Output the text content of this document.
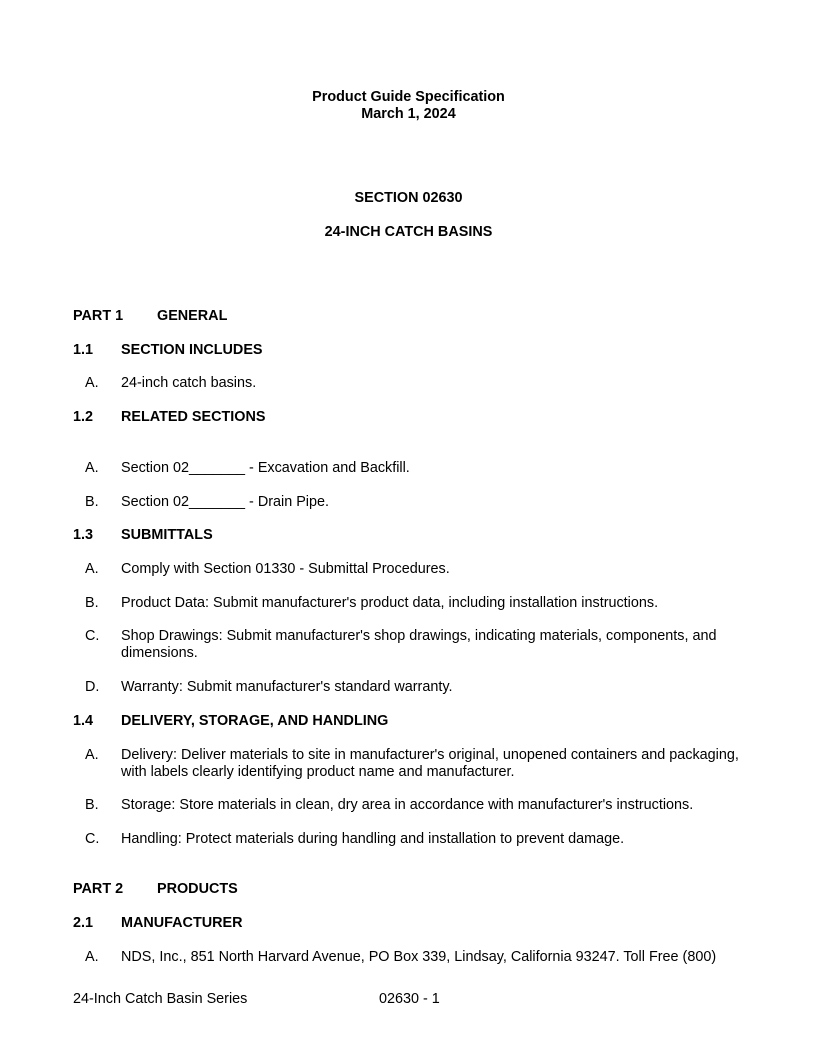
Product Guide Specification
March 1, 2024
SECTION 02630
24-INCH CATCH BASINS
PART 1 GENERAL
1.1 SECTION INCLUDES
A. 24-inch catch basins.
1.2 RELATED SECTIONS
A. Section 02_______ - Excavation and Backfill.
B. Section 02_______ - Drain Pipe.
1.3 SUBMITTALS
A. Comply with Section 01330 - Submittal Procedures.
B. Product Data: Submit manufacturer's product data, including installation instructions.
C. Shop Drawings: Submit manufacturer's shop drawings, indicating materials, components, and dimensions.
D. Warranty: Submit manufacturer's standard warranty.
1.4 DELIVERY, STORAGE, AND HANDLING
A. Delivery: Deliver materials to site in manufacturer's original, unopened containers and packaging, with labels clearly identifying product name and manufacturer.
B. Storage: Store materials in clean, dry area in accordance with manufacturer's instructions.
C. Handling: Protect materials during handling and installation to prevent damage.
PART 2 PRODUCTS
2.1 MANUFACTURER
A. NDS, Inc., 851 North Harvard Avenue, PO Box 339, Lindsay, California 93247. Toll Free (800)
24-Inch Catch Basin Series	02630 - 1
